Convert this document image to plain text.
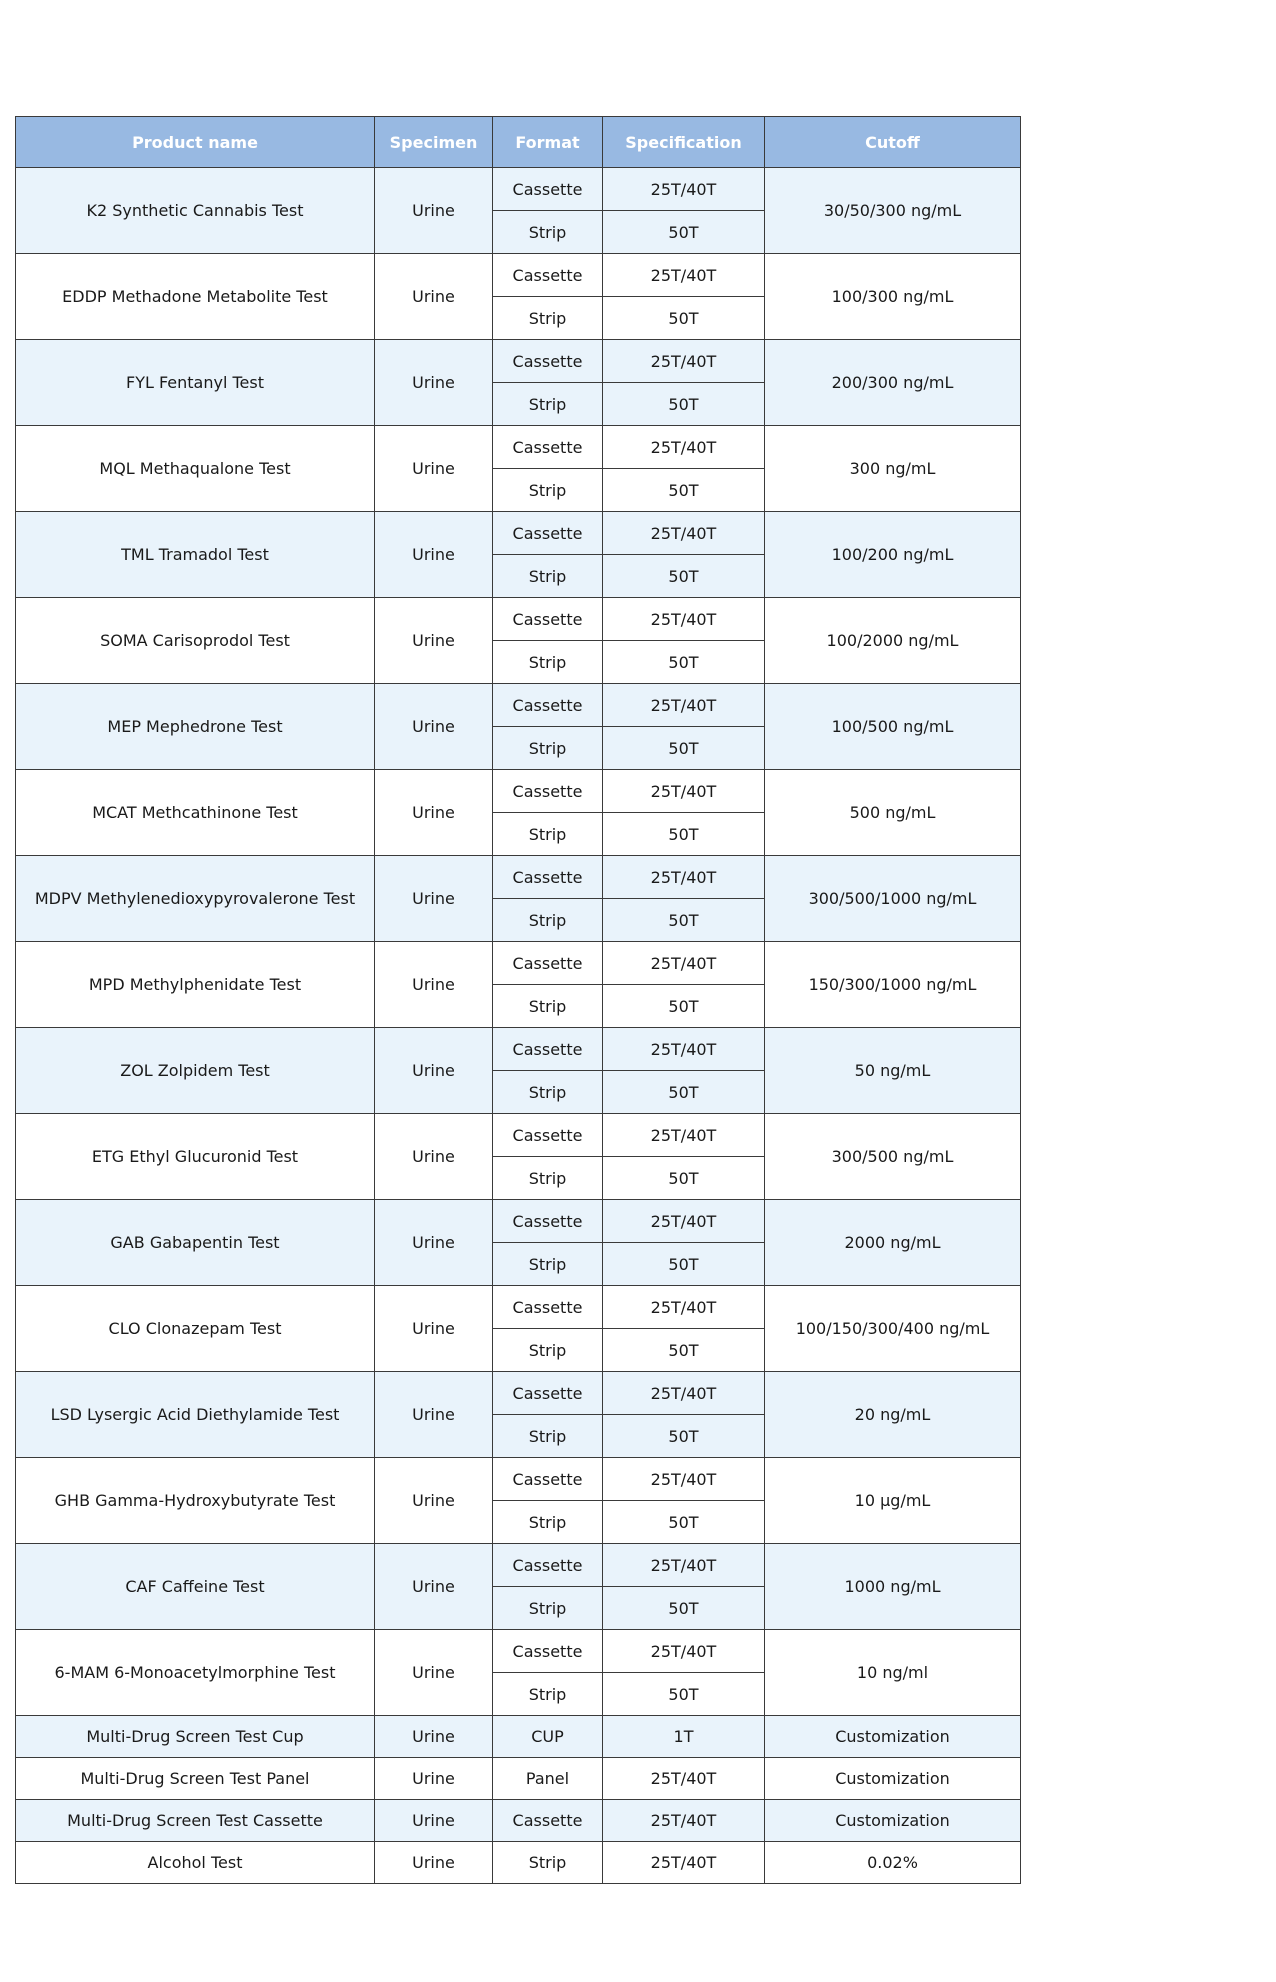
Product name	Specimen	Format	Specification	Cutoff
K2 Synthetic Cannabis Test	Urine	Cassette	25T/40T	30/50/300 ng/mL
		Strip	50T	
EDDP Methadone Metabolite Test	Urine	Cassette	25T/40T	100/300 ng/mL
		Strip	50T	
FYL Fentanyl Test	Urine	Cassette	25T/40T	200/300 ng/mL
		Strip	50T	
MQL Methaqualone Test	Urine	Cassette	25T/40T	300 ng/mL
		Strip	50T	
TML Tramadol Test	Urine	Cassette	25T/40T	100/200 ng/mL
		Strip	50T	
SOMA Carisoprodol Test	Urine	Cassette	25T/40T	100/2000 ng/mL
		Strip	50T	
MEP Mephedrone Test	Urine	Cassette	25T/40T	100/500 ng/mL
		Strip	50T	
MCAT Methcathinone Test	Urine	Cassette	25T/40T	500 ng/mL
		Strip	50T	
MDPV Methylenedioxypyrovalerone Test	Urine	Cassette	25T/40T	300/500/1000 ng/mL
		Strip	50T	
MPD Methylphenidate Test	Urine	Cassette	25T/40T	150/300/1000 ng/mL
		Strip	50T	
ZOL Zolpidem Test	Urine	Cassette	25T/40T	50 ng/mL
		Strip	50T	
ETG Ethyl Glucuronid Test	Urine	Cassette	25T/40T	300/500 ng/mL
		Strip	50T	
GAB Gabapentin Test	Urine	Cassette	25T/40T	2000 ng/mL
		Strip	50T	
CLO Clonazepam Test	Urine	Cassette	25T/40T	100/150/300/400 ng/mL
		Strip	50T	
LSD Lysergic Acid Diethylamide Test	Urine	Cassette	25T/40T	20 ng/mL
		Strip	50T	
GHB Gamma-Hydroxybutyrate Test	Urine	Cassette	25T/40T	10 μg/mL
		Strip	50T	
CAF Caffeine Test	Urine	Cassette	25T/40T	1000 ng/mL
		Strip	50T	
6-MAM 6-Monoacetylmorphine Test	Urine	Cassette	25T/40T	10 ng/ml
		Strip	50T	
Multi-Drug Screen Test Cup	Urine	CUP	1T	Customization
Multi-Drug Screen Test Panel	Urine	Panel	25T/40T	Customization
Multi-Drug Screen Test Cassette	Urine	Cassette	25T/40T	Customization
Alcohol Test	Urine	Strip	25T/40T	0.02%
